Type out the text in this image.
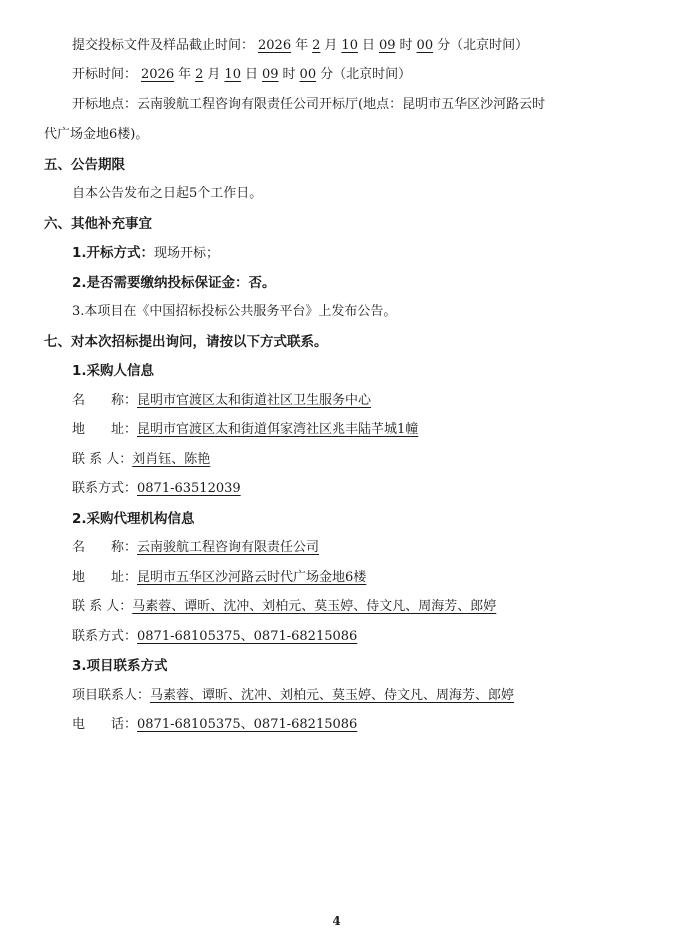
提交投标文件及样品截止时间： 2026 年 2 月 10 日 09 时 00 分（北京时间）
开标时间： 2026 年 2 月 10 日 09 时 00 分（北京时间）
开标地点：云南骏航工程咨询有限责任公司开标厅(地点：昆明市五华区沙河路云时
代广场金地6楼)。
五、公告期限
自本公告发布之日起5个工作日。
六、其他补充事宜
1.开标方式：现场开标；
2.是否需要缴纳投标保证金：否。
3.本项目在《中国招标投标公共服务平台》上发布公告。
七、对本次招标提出询问，请按以下方式联系。
1.采购人信息
名　　称：昆明市官渡区太和街道社区卫生服务中心
地　　址：昆明市官渡区太和街道佴家湾社区兆丰陆芊城1幢
联 系 人：刘肖钰、陈艳
联系方式：0871-63512039
2.采购代理机构信息
名　　称：云南骏航工程咨询有限责任公司
地　　址：昆明市五华区沙河路云时代广场金地6楼
联 系 人：马素蓉、谭昕、沈冲、刘柏元、莫玉婷、侍文凡、周海芳、郎婷
联系方式：0871-68105375、0871-68215086
3.项目联系方式
项目联系人：马素蓉、谭昕、沈冲、刘柏元、莫玉婷、侍文凡、周海芳、郎婷
电　　话：0871-68105375、0871-68215086
4
